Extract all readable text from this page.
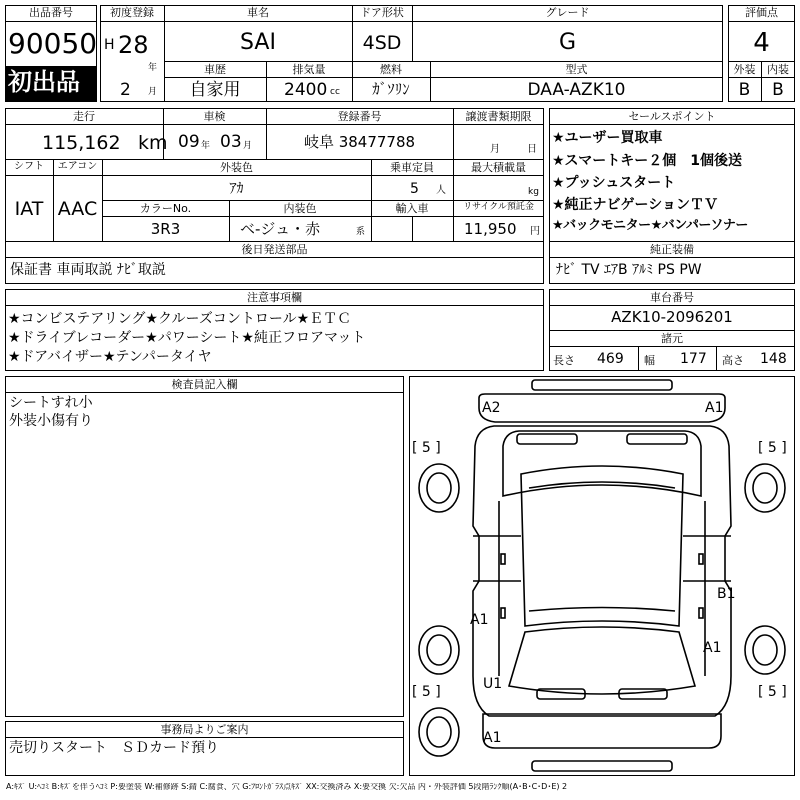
出品番号
90050
初出品
初度登録
H 28
年
2 月
車名
SAI
ドア形状
4SD
グレード
G
車歴
自家用
排気量
2400 cc
燃料
ｶﾞｿﾘﾝ
型式
DAA-AZK10
評価点
4
外装	内装
B	B
走行
115,162 km
車検
09 年 03 月
登録番号
岐阜 38477788
譲渡書類期限
月	日
シフト
IAT
エアコン
AAC
外装色
ｱｶ
乗車定員
5 人
最大積載量
kg
カラーNo.
3R3
内装色
ベ-ジュ・赤	系
輸入車	リサイクル預託金
11,950 円
後日発送部品
保証書 車両取説 ﾅﾋﾞ取説
セールスポイント
★ユーザー買取車
★スマートキー２個　1個後送
★プッシュスタート
★純正ナビゲーションＴＶ
★バックモニター★バンパーソナー
純正装備
ﾅﾋﾞ TV ｴｱB ｱﾙﾐ PS PW
注意事項欄
★コンビステアリング★クルーズコントロール★ＥＴＣ
★ドライブレコーダー★パワーシート★純正フロアマット
★ドアバイザー★テンパータイヤ
車台番号
AZK10-2096201
諸元
長さ 469 幅 177 高さ 148
検査員記入欄
シートすれ小
外装小傷有り
事務局よりご案内
売切りスタート　ＳＤカード預り
A2	A1
[ 5 ]	[ 5 ]
A1
B1
A1
U1
[ 5 ]	[ 5 ]
A1
A:ｷｽﾞ U:ﾍｺﾐ B:ｷｽﾞを伴うﾍｺﾐ P:要塗装 W:補修跡 S:錆 C:腐食、穴 G:ﾌﾛﾝﾄｶﾞﾗｽ点ｷｽﾞ XX:交換済み X:要交換 欠:欠品 内・外装評価 5段階ﾗﾝｸ順(A･B･C･D･E) 2
